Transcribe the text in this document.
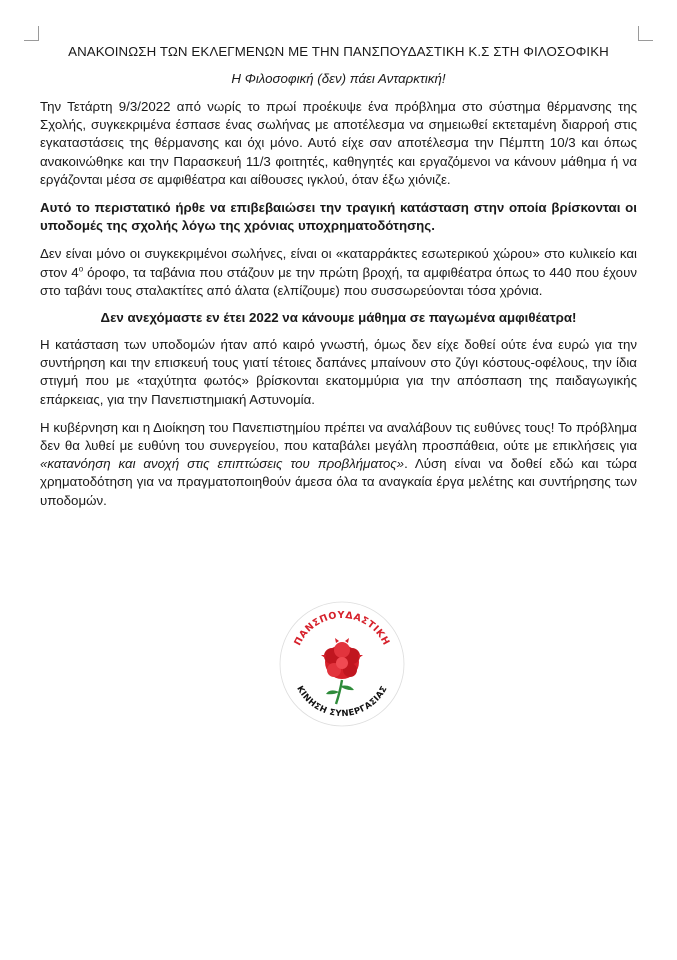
ΑΝΑΚΟΙΝΩΣΗ ΤΩΝ ΕΚΛΕΓΜΕΝΩΝ ΜΕ ΤΗΝ ΠΑΝΣΠΟΥΔΑΣΤΙΚΗ Κ.Σ ΣΤΗ ΦΙΛΟΣΟΦΙΚΗ
Η Φιλοσοφική (δεν) πάει Ανταρκτική!

Την Τετάρτη 9/3/2022 από νωρίς το πρωί προέκυψε ένα πρόβλημα στο σύστημα θέρμανσης της Σχολής, συγκεκριμένα έσπασε ένας σωλήνας με αποτέλεσμα να σημειωθεί εκτεταμένη διαρροή στις εγκαταστάσεις της θέρμανσης και όχι μόνο. Αυτό είχε σαν αποτέλεσμα την Πέμπτη 10/3 και όπως ανακοινώθηκε και την Παρασκευή 11/3 φοιτητές, καθηγητές και εργαζόμενοι να κάνουν μάθημα ή να εργάζονται μέσα σε αμφιθέατρα και αίθουσες ιγκλού, όταν έξω χιόνιζε.

Αυτό το περιστατικό ήρθε να επιβεβαιώσει την τραγική κατάσταση στην οποία βρίσκονται οι υποδομές της σχολής λόγω της χρόνιας υποχρηματοδότησης.

Δεν είναι μόνο οι συγκεκριμένοι σωλήνες, είναι οι «καταρράκτες εσωτερικού χώρου» στο κυλικείο και στον $4^o$ όροφο, τα ταβάνια που στάζουν με την πρώτη βροχή, τα αμφιθέατρα όπως το 440 που έχουν στο ταβάνι τους σταλακτίτες από άλατα (ελπίζουμε) που συσσωρεύονται τόσα χρόνια.

Δεν ανεχόμαστε εν έτει 2022 να κάνουμε μάθημα σε παγωμένα αμφιθέατρα!

Η κατάσταση των υποδομών ήταν από καιρό γνωστή, όμως δεν είχε δοθεί ούτε ένα ευρώ για την συντήρηση και την επισκευή τους γιατί τέτοιες δαπάνες μπαίνουν στο ζύγι κόστους-οφέλους, την ίδια στιγμή που με «ταχύτητα φωτός» βρίσκονται εκατομμύρια για την απόσπαση της παιδαγωγικής επάρκειας, για την Πανεπιστημιακή Αστυνομία.

Η κυβέρνηση και η Διοίκηση του Πανεπιστημίου πρέπει να αναλάβουν τις ευθύνες τους! Το πρόβλημα δεν θα λυθεί με ευθύνη του συνεργείου, που καταβάλει μεγάλη προσπάθεια, ούτε με επικλήσεις για «κατανόηση και ανοχή στις επιπτώσεις του προβλήματος». Λύση είναι να δοθεί εδώ και τώρα χρηματοδότηση για να πραγματοποιηθούν άμεσα όλα τα αναγκαία έργα μελέτης και συντήρησης των υποδομών.

ΠΑΝΣΠΟΥΔΑΣΤΙΚΗ
ΚΙΝΗΣΗ ΣΥΝΕΡΓΑΣΙΑΣ
